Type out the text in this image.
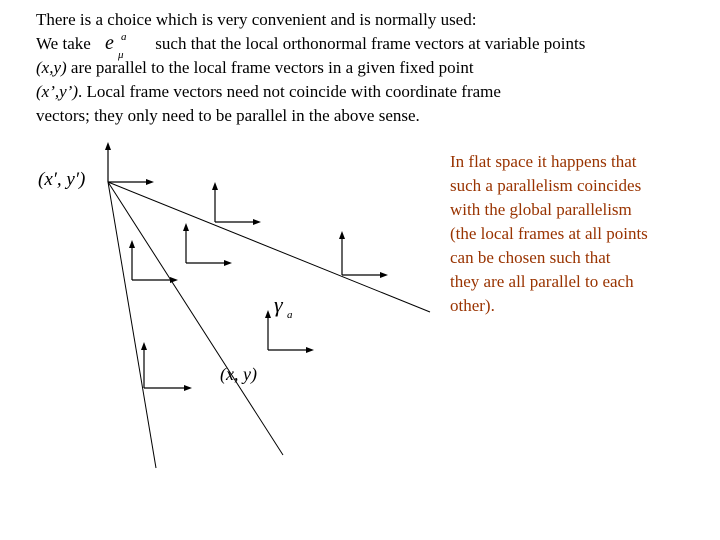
There is a choice which is very convenient and is normally used:
We take e
μ
a such that the local orthonormal frame vectors at variable points
(x,y) are parallel to the local frame vectors in a given fixed point
(x’,y’). Local frame vectors need not coincide with coordinate frame
vectors; they only need to be parallel in the above sense.
(x′, y′)
γ a
(x, y)
In flat space it happens that
such a parallelism coincides
with the global parallelism
(the local frames at all points
can be chosen such that
they are all parallel to each
other).
